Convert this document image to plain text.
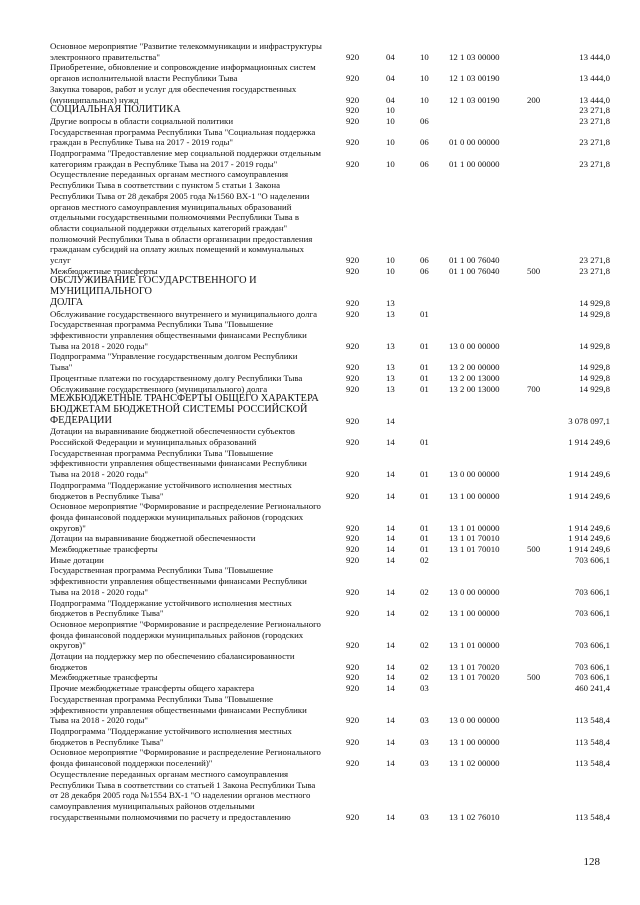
Основное мероприятие "Развитие телекоммуникации и инфраструктуры
электронного правительства"	920	04	10 12 1 03 00000	13 444,0
Приобретение, обновление и сопровождение информационных систем
органов исполнительной власти Республики Тыва	920	04	10 12 1 03 00190	13 444,0
Закупка товаров, работ и услуг для обеспечения государственных
(муниципальных) нужд	920	04	10 12 1 03 00190	200	13 444,0
СОЦИАЛЬНАЯ ПОЛИТИКА	920	10	23 271,8
Другие вопросы в области социальной политики	920	10	06	23 271,8
Государственная программа Республики Тыва "Социальная поддержка
граждан в Республике Тыва на 2017 - 2019 годы"	920	10	06 01 0 00 00000	23 271,8
Подпрограмма "Предоставление мер социальной поддержки отдельным
категориям граждан в Республике Тыва на 2017 - 2019 годы"	920	10	06 01 1 00 00000	23 271,8
Осуществление переданных органам местного самоуправления
Республики Тыва в соответствии с пунктом 5 статьи 1 Закона
Республики Тыва от 28 декабря 2005 года №1560 ВХ-1 "О наделении
органов местного самоуправления муниципальных образований
отдельными государственными полномочиями Республики Тыва в
области социальной поддержки отдельных категорий граждан"
полномочий Республики Тыва в области организации предоставления
гражданам субсидий на оплату жилых помещений и коммунальных
услуг	920	10	06 01 1 00 76040	23 271,8
Межбюджетные трансферты	920	10	06 01 1 00 76040	500	23 271,8
ОБСЛУЖИВАНИЕ ГОСУДАРСТВЕННОГО И МУНИЦИПАЛЬНОГО
ДОЛГА	920	13	14 929,8
Обслуживание государственного внутреннего и муниципального долга	920	13	01	14 929,8
Государственная программа Республики Тыва "Повышение
эффективности управления общественными финансами Республики
Тыва на 2018 - 2020 годы"	920	13	01 13 0 00 00000	14 929,8
Подпрограмма "Управление государственным долгом Республики
Тыва"	920	13	01 13 2 00 00000	14 929,8
Процентные платежи по государственному долгу Республики Тыва	920	13	01 13 2 00 13000	14 929,8
Обслуживание государственного (муниципального) долга	920	13	01 13 2 00 13000	700	14 929,8
МЕЖБЮДЖЕТНЫЕ ТРАНСФЕРТЫ ОБЩЕГО ХАРАКТЕРА
БЮДЖЕТАМ БЮДЖЕТНОЙ СИСТЕМЫ РОССИЙСКОЙ
ФЕДЕРАЦИИ	920	14	3 078 097,1
Дотации на выравнивание бюджетной обеспеченности субъектов
Российской Федерации и муниципальных образований	920	14	01	1 914 249,6
Государственная программа Республики Тыва "Повышение
эффективности управления общественными финансами Республики
Тыва на 2018 - 2020 годы"	920	14	01 13 0 00 00000	1 914 249,6
Подпрограмма "Поддержание устойчивого исполнения местных
бюджетов в Республике Тыва"	920	14	01 13 1 00 00000	1 914 249,6
Основное мероприятие "Формирование и распределение Регионального
фонда финансовой поддержки муниципальных районов (городских
округов)"	920	14	01 13 1 01 00000	1 914 249,6
Дотации на выравнивание бюджетной обеспеченности	920	14	01 13 1 01 70010	1 914 249,6
Межбюджетные трансферты	920	14	01 13 1 01 70010	500	1 914 249,6
Иные дотации	920	14	02	703 606,1
Государственная программа Республики Тыва "Повышение
эффективности управления общественными финансами Республики
Тыва на 2018 - 2020 годы"	920	14	02 13 0 00 00000	703 606,1
Подпрограмма "Поддержание устойчивого исполнения местных
бюджетов в Республике Тыва"	920	14	02 13 1 00 00000	703 606,1
Основное мероприятие "Формирование и распределение Регионального
фонда финансовой поддержки муниципальных районов (городских
округов)"	920	14	02 13 1 01 00000	703 606,1
Дотации на поддержку мер по обеспечению сбалансированности
бюджетов	920	14	02 13 1 01 70020	703 606,1
Межбюджетные трансферты	920	14	02 13 1 01 70020	500	703 606,1
Прочие межбюджетные трансферты общего характера	920	14	03	460 241,4
Государственная программа Республики Тыва "Повышение
эффективности управления общественными финансами Республики
Тыва на 2018 - 2020 годы"	920	14	03 13 0 00 00000	113 548,4
Подпрограмма "Поддержание устойчивого исполнения местных
бюджетов в Республике Тыва"	920	14	03 13 1 00 00000	113 548,4
Основное мероприятие "Формирование и распределение Регионального
фонда финансовой поддержки поселений)"	920	14	03 13 1 02 00000	113 548,4
Осуществление переданных органам местного самоуправления
Республики Тыва в соответствии со статьей 1 Закона Республики Тыва
от 28 декабря 2005 года №1554 ВХ-1 "О наделении органов местного
самоуправления муниципальных районов отдельными
государственными полномочиями по расчету и предоставлению	920	14	03 13 1 02 76010	113 548,4
128
